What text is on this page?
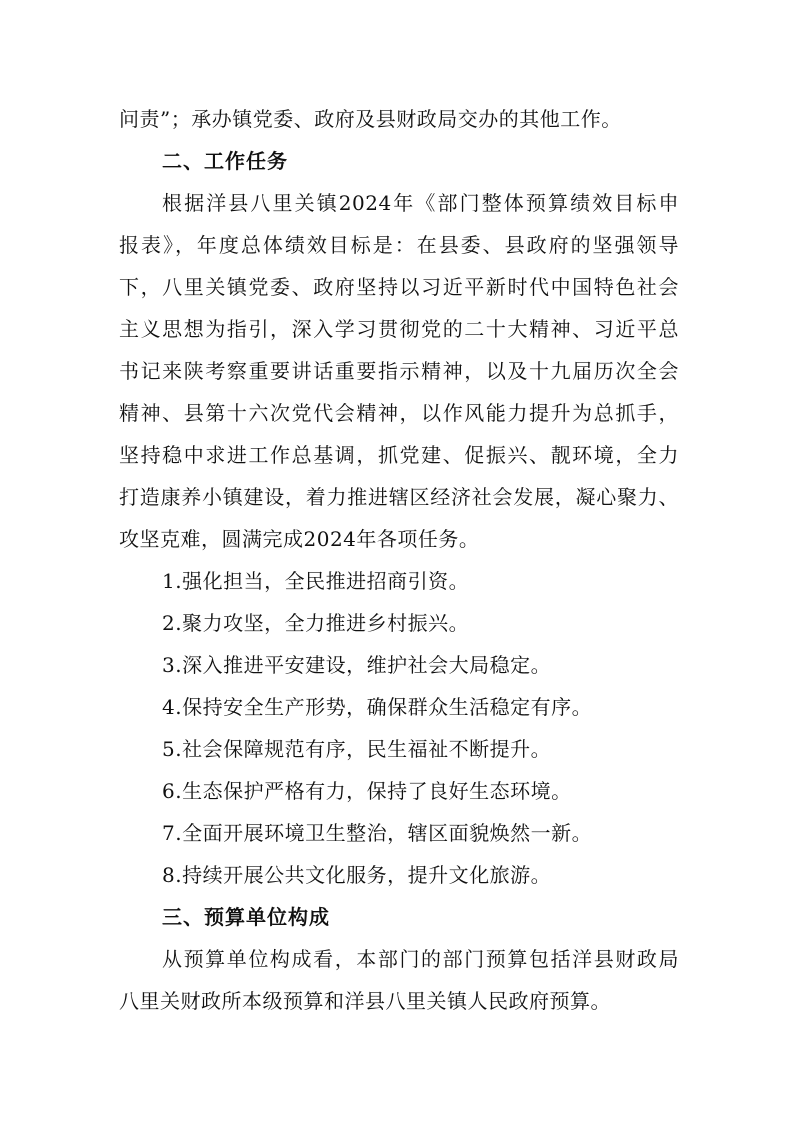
问责”；承办镇党委、政府及县财政局交办的其他工作。
二、工作任务
根据洋县八里关镇2024年《部门整体预算绩效目标申
报表》，年度总体绩效目标是：在县委、县政府的坚强领导
下，八里关镇党委、政府坚持以习近平新时代中国特色社会
主义思想为指引，深入学习贯彻党的二十大精神、习近平总
书记来陕考察重要讲话重要指示精神，以及十九届历次全会
精神、县第十六次党代会精神，以作风能力提升为总抓手，
坚持稳中求进工作总基调，抓党建、促振兴、靓环境，全力
打造康养小镇建设，着力推进辖区经济社会发展，凝心聚力、
攻坚克难，圆满完成2024年各项任务。
1.强化担当，全民推进招商引资。
2.聚力攻坚，全力推进乡村振兴。
3.深入推进平安建设，维护社会大局稳定。
4.保持安全生产形势，确保群众生活稳定有序。
5.社会保障规范有序，民生福祉不断提升。
6.生态保护严格有力，保持了良好生态环境。
7.全面开展环境卫生整治，辖区面貌焕然一新。
8.持续开展公共文化服务，提升文化旅游。
三、预算单位构成
从预算单位构成看，本部门的部门预算包括洋县财政局
八里关财政所本级预算和洋县八里关镇人民政府预算。
